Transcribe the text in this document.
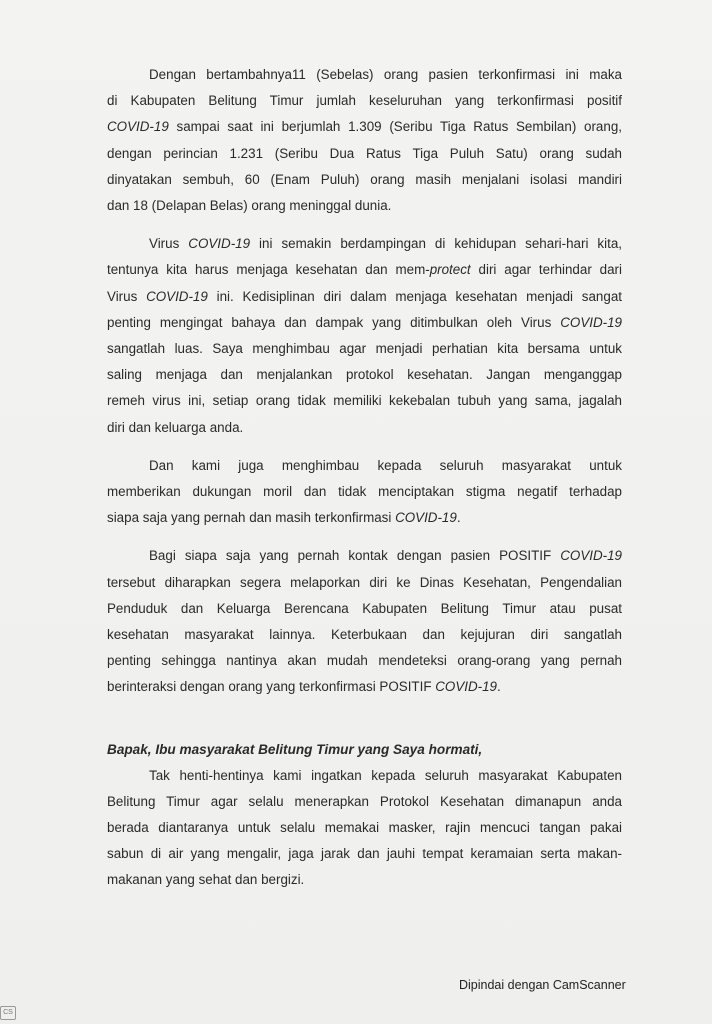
Dengan bertambahnya11 (Sebelas) orang pasien terkonfirmasi ini maka
di Kabupaten Belitung Timur jumlah keseluruhan yang terkonfirmasi positif
COVID-19 sampai saat ini berjumlah 1.309 (Seribu Tiga Ratus Sembilan) orang,
dengan perincian 1.231 (Seribu Dua Ratus Tiga Puluh Satu) orang sudah
dinyatakan sembuh, 60 (Enam Puluh) orang masih menjalani isolasi mandiri
dan 18 (Delapan Belas) orang meninggal dunia.
Virus COVID-19 ini semakin berdampingan di kehidupan sehari-hari kita,
tentunya kita harus menjaga kesehatan dan mem-protect diri agar terhindar dari
Virus COVID-19 ini. Kedisiplinan diri dalam menjaga kesehatan menjadi sangat
penting mengingat bahaya dan dampak yang ditimbulkan oleh Virus COVID-19
sangatlah luas. Saya menghimbau agar menjadi perhatian kita bersama untuk
saling menjaga dan menjalankan protokol kesehatan. Jangan menganggap
remeh virus ini, setiap orang tidak memiliki kekebalan tubuh yang sama, jagalah
diri dan keluarga anda.
Dan kami juga menghimbau kepada seluruh masyarakat untuk
memberikan dukungan moril dan tidak menciptakan stigma negatif terhadap
siapa saja yang pernah dan masih terkonfirmasi COVID-19.
Bagi siapa saja yang pernah kontak dengan pasien POSITIF COVID-19
tersebut diharapkan segera melaporkan diri ke Dinas Kesehatan, Pengendalian
Penduduk dan Keluarga Berencana Kabupaten Belitung Timur atau pusat
kesehatan masyarakat lainnya. Keterbukaan dan kejujuran diri sangatlah
penting sehingga nantinya akan mudah mendeteksi orang-orang yang pernah
berinteraksi dengan orang yang terkonfirmasi POSITIF COVID-19.

Bapak, Ibu masyarakat Belitung Timur yang Saya hormati,

Tak henti-hentinya kami ingatkan kepada seluruh masyarakat Kabupaten
Belitung Timur agar selalu menerapkan Protokol Kesehatan dimanapun anda
berada diantaranya untuk selalu memakai masker, rajin mencuci tangan pakai
sabun di air yang mengalir, jaga jarak dan jauhi tempat keramaian serta makan-
makanan yang sehat dan bergizi.
Dipindai dengan CamScanner
CS
